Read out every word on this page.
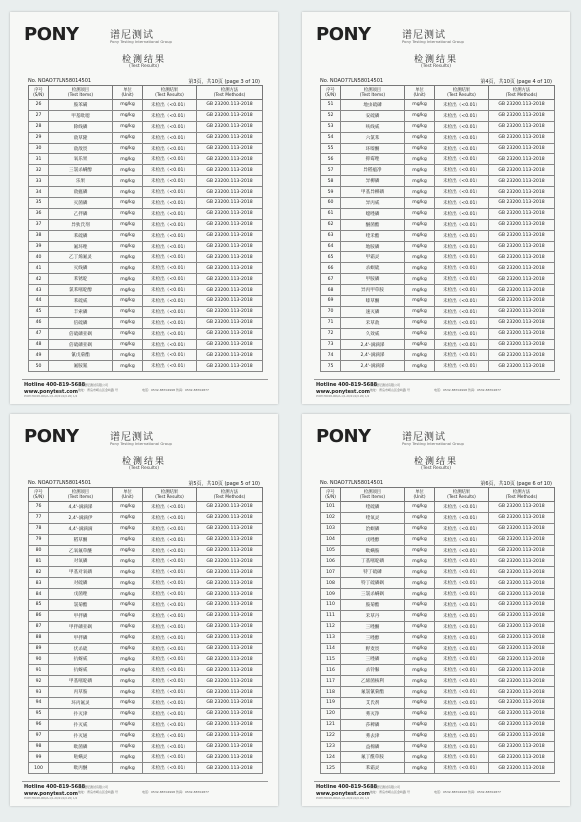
PONY	谱尼测试
Pony Testing International Group
检测结果
(Test Results)
No. NOAO77LN58014501	第3页，共10页 (page 3 of 10)
序号
(S/N)	检测项目
(Test Items)	单位
(Unit)	检测结果
(Test Results)	检测方法
(Test Methods)
26	胺苯磺	mg/kg	未检出（<0.01）	GB 23200.113-2018
27	甲基吡噁	mg/kg	未检出（<0.01）	GB 23200.113-2018
28	除线磷	mg/kg	未检出（<0.01）	GB 23200.113-2018
29	敌草隆	mg/kg	未检出（<0.01）	GB 23200.113-2018
30	敌敌畏	mg/kg	未检出（<0.01）	GB 23200.113-2018
31	氧乐果	mg/kg	未检出（<0.01）	GB 23200.113-2018
32	三氯杀螨醇	mg/kg	未检出（<0.01）	GB 23200.113-2018
33	乐果	mg/kg	未检出（<0.01）	GB 23200.113-2018
34	敌瘟磷	mg/kg	未检出（<0.01）	GB 23200.113-2018
35	灭菌磷	mg/kg	未检出（<0.01）	GB 23200.113-2018
36	乙拌磷	mg/kg	未检出（<0.01）	GB 23200.113-2018
37	异狄氏剂	mg/kg	未检出（<0.01）	GB 23200.113-2018
38	苯硫磷	mg/kg	未检出（<0.01）	GB 23200.113-2018
39	氟环唑	mg/kg	未检出（<0.01）	GB 23200.113-2018
40	乙丁烯氟灵	mg/kg	未检出（<0.01）	GB 23200.113-2018
41	灭线磷	mg/kg	未检出（<0.01）	GB 23200.113-2018
42	苯锈啶	mg/kg	未检出（<0.01）	GB 23200.113-2018
43	氯苯嘧啶醇	mg/kg	未检出（<0.01）	GB 23200.113-2018
44	苯硫威	mg/kg	未检出（<0.01）	GB 23200.113-2018
45	丰索磷	mg/kg	未检出（<0.01）	GB 23200.113-2018
46	倍硫磷	mg/kg	未检出（<0.01）	GB 23200.113-2018
47	倍硫磷亚砜	mg/kg	未检出（<0.01）	GB 23200.113-2018
48	倍硫磷亚砜	mg/kg	未检出（<0.01）	GB 23200.113-2018
49	氰戊菊酯	mg/kg	未检出（<0.01）	GB 23200.113-2018
50	氟胺氰	mg/kg	未检出（<0.01）	GB 23200.113-2018
Hotline 400-819-5688
www.ponytest.com
青岛谱尼测试有限公司
地址：青岛市崂山区金岭路 号	电话：0532-88704998 传真：0532-88704877
PONY-TRC08-006/A-1/1-20/21/1(0.20) 1/4
PONY	谱尼测试
Pony Testing International Group
检测结果
(Test Results)
No. NOAO77LN58014501	第4页，共10页 (page 4 of 10)
序号
(S/N)	检测项目
(Test Items)	单位
(Unit)	检测结果
(Test Results)	检测方法
(Test Methods)
51	地虫硫磷	mg/kg	未检出（<0.01）	GB 23200.113-2018
52	安硫磷	mg/kg	未检出（<0.01）	GB 23200.113-2018
53	呋线威	mg/kg	未检出（<0.01）	GB 23200.113-2018
54	六氯苯	mg/kg	未检出（<0.01）	GB 23200.113-2018
55	环嗪酮	mg/kg	未检出（<0.01）	GB 23200.113-2018
56	抑霉唑	mg/kg	未检出（<0.01）	GB 23200.113-2018
57	异稻瘟净	mg/kg	未检出（<0.01）	GB 23200.113-2018
58	异柳磷	mg/kg	未检出（<0.01）	GB 23200.113-2018
59	甲基异柳磷	mg/kg	未检出（<0.01）	GB 23200.113-2018
60	异丙威	mg/kg	未检出（<0.01）	GB 23200.113-2018
61	噁唑磷	mg/kg	未检出（<0.01）	GB 23200.113-2018
62	醚菌酯	mg/kg	未检出（<0.01）	GB 23200.113-2018
63	喹禾酯	mg/kg	未检出（<0.01）	GB 23200.113-2018
64	地胺磷	mg/kg	未检出（<0.01）	GB 23200.113-2018
65	甲霜灵	mg/kg	未检出（<0.01）	GB 23200.113-2018
66	杀螟硫	mg/kg	未检出（<0.01）	GB 23200.113-2018
67	甲胺磷	mg/kg	未检出（<0.01）	GB 23200.113-2018
68	异丙甲草胺	mg/kg	未检出（<0.01）	GB 23200.113-2018
69	嗪草酮	mg/kg	未检出（<0.01）	GB 23200.113-2018
70	速灭磷	mg/kg	未检出（<0.01）	GB 23200.113-2018
71	禾草敌	mg/kg	未检出（<0.01）	GB 23200.113-2018
72	久效威	mg/kg	未检出（<0.01）	GB 23200.113-2018
73	2,4'-滴滴涕	mg/kg	未检出（<0.01）	GB 23200.113-2018
74	2,4'-滴滴涕	mg/kg	未检出（<0.01）	GB 23200.113-2018
75	2,4'-滴滴涕	mg/kg	未检出（<0.01）	GB 23200.113-2018
Hotline 400-819-5688
www.ponytest.com
青岛谱尼测试有限公司
地址：青岛市崂山区金岭路 号	电话：0532-88704998 传真：0532-88704877
PONY-TRC08-006/A-1/1-20/21/1(0.20) 1/4
PONY	谱尼测试
Pony Testing International Group
检测结果
(Test Results)
No. NOAO77LN58014501	第5页，共10页 (page 5 of 10)
序号
(S/N)	检测项目
(Test Items)	单位
(Unit)	检测结果
(Test Results)	检测方法
(Test Methods)
76	4,4'-滴滴涕	mg/kg	未检出（<0.01）	GB 23200.113-2018
77	2,4'-滴滴伊	mg/kg	未检出（<0.01）	GB 23200.113-2018
78	4,4'-滴滴滴	mg/kg	未检出（<0.01）	GB 23200.113-2018
79	稻草酮	mg/kg	未检出（<0.01）	GB 23200.113-2018
80	乙氧氟草醚	mg/kg	未检出（<0.01）	GB 23200.113-2018
81	对氧磷	mg/kg	未检出（<0.01）	GB 23200.113-2018
82	甲基对氧磷	mg/kg	未检出（<0.01）	GB 23200.113-2018
83	对硫磷	mg/kg	未检出（<0.01）	GB 23200.113-2018
84	戊菌唑	mg/kg	未检出（<0.01）	GB 23200.113-2018
85	氯菊酯	mg/kg	未检出（<0.01）	GB 23200.113-2018
86	甲拌磷	mg/kg	未检出（<0.01）	GB 23200.113-2018
87	甲拌磷亚砜	mg/kg	未检出（<0.01）	GB 23200.113-2018
88	甲拌磷	mg/kg	未检出（<0.01）	GB 23200.113-2018
89	伏杀硫	mg/kg	未检出（<0.01）	GB 23200.113-2018
90	抗蚜威	mg/kg	未检出（<0.01）	GB 23200.113-2018
91	抗蚜威	mg/kg	未检出（<0.01）	GB 23200.113-2018
92	甲基嘧啶磷	mg/kg	未检出（<0.01）	GB 23200.113-2018
93	丙草胺	mg/kg	未检出（<0.01）	GB 23200.113-2018
94	环丙氟灵	mg/kg	未检出（<0.01）	GB 23200.113-2018
95	扑灭津	mg/kg	未检出（<0.01）	GB 23200.113-2018
96	扑灭威	mg/kg	未检出（<0.01）	GB 23200.113-2018
97	扑灭通	mg/kg	未检出（<0.01）	GB 23200.113-2018
98	吡菌磷	mg/kg	未检出（<0.01）	GB 23200.113-2018
99	哒螨灵	mg/kg	未检出（<0.01）	GB 23200.113-2018
100	吡丙醚	mg/kg	未检出（<0.01）	GB 23200.113-2018
Hotline 400-819-5688
www.ponytest.com
青岛谱尼测试有限公司
地址：青岛市崂山区金岭路 号	电话：0532-88704998 传真：0532-88704877
PONY-TRC08-006/A-1/1-20/21/1(0.20) 1/4
PONY	谱尼测试
Pony Testing International Group
检测结果
(Test Results)
No. NOAO77LN58014501	第6页，共10页 (page 6 of 10)
序号
(S/N)	检测项目
(Test Items)	单位
(Unit)	检测结果
(Test Results)	检测方法
(Test Methods)
101	喹硫磷	mg/kg	未检出（<0.01）	GB 23200.113-2018
102	喹氧灵	mg/kg	未检出（<0.01）	GB 23200.113-2018
103	治螟磷	mg/kg	未检出（<0.01）	GB 23200.113-2018
104	戊唑醇	mg/kg	未检出（<0.01）	GB 23200.113-2018
105	吡螨胺	mg/kg	未检出（<0.01）	GB 23200.113-2018
106	丁基嘧啶磷	mg/kg	未检出（<0.01）	GB 23200.113-2018
107	特丁硫磷	mg/kg	未检出（<0.01）	GB 23200.113-2018
108	特丁硫磷砜	mg/kg	未检出（<0.01）	GB 23200.113-2018
109	三氯杀螨砜	mg/kg	未检出（<0.01）	GB 23200.113-2018
110	胺菊酯	mg/kg	未检出（<0.01）	GB 23200.113-2018
111	禾草丹	mg/kg	未检出（<0.01）	GB 23200.113-2018
112	三唑酮	mg/kg	未检出（<0.01）	GB 23200.113-2018
113	三唑醇	mg/kg	未检出（<0.01）	GB 23200.113-2018
114	野麦畏	mg/kg	未检出（<0.01）	GB 23200.113-2018
115	三唑磷	mg/kg	未检出（<0.01）	GB 23200.113-2018
116	杀铃脲	mg/kg	未检出（<0.01）	GB 23200.113-2018
117	乙烯菌核利	mg/kg	未检出（<0.01）	GB 23200.113-2018
118	氟氯氰菊酯	mg/kg	未检出（<0.01）	GB 23200.113-2018
119	艾氏剂	mg/kg	未检出（<0.01）	GB 23200.113-2018
120	莠灭净	mg/kg	未检出（<0.01）	GB 23200.113-2018
121	莎稗磷	mg/kg	未检出（<0.01）	GB 23200.113-2018
122	莠去津	mg/kg	未检出（<0.01）	GB 23200.113-2018
123	益棉磷	mg/kg	未检出（<0.01）	GB 23200.113-2018
124	氟丁酰草胺	mg/kg	未检出（<0.01）	GB 23200.113-2018
125	苯霜灵	mg/kg	未检出（<0.01）	GB 23200.113-2018
Hotline 400-819-5688
www.ponytest.com
青岛谱尼测试有限公司
地址：青岛市崂山区金岭路 号	电话：0532-88704998 传真：0532-88704877
PONY-TRC08-006/A-1/1-20/21/1(0.20) 1/4
